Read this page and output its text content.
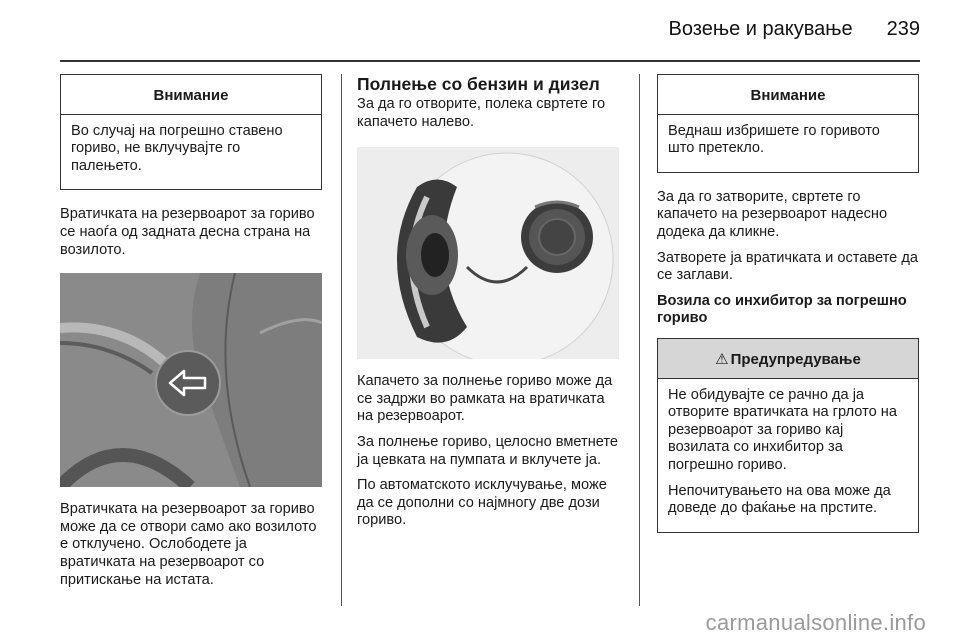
Возење и ракување 239
Внимание

Во случај на погрешно ставено гориво, не вклучувајте го палењето.

Вратичката на резервоарот за гориво се наоѓа од задната десна страна на возилото.

Вратичката на резервоарот за гориво може да се отвори само ако возилото е отклучено. Ослободете ја вратичката на резервоарот со притискање на истата.

Полнење со бензин и дизел

За да го отворите, полека свртете го капачето налево.

Капачето за полнење гориво може да се задржи во рамката на вратичката на резервоарот.

За полнење гориво, целосно вметнете ја цевката на пумпата и вклучете ја.

По автоматското исклучување, може да се дополни со најмногу две дози гориво.

Внимание

Веднаш избришете го горивото што претекло.

За да го затворите, свртете го капачето на резервоарот надесно додека да кликне.

Затворете ја вратичката и оставете да се заглави.

Возила со инхибитор за погрешно гориво
⚠ Предупредување

Не обидувајте се рачно да ја отворите вратичката на грлото на резервоарот за гориво кај возилата со инхибитор за погрешно гориво.

Непочитувањето на ова може да доведе до фаќање на прстите.

carmanualsonline.info
